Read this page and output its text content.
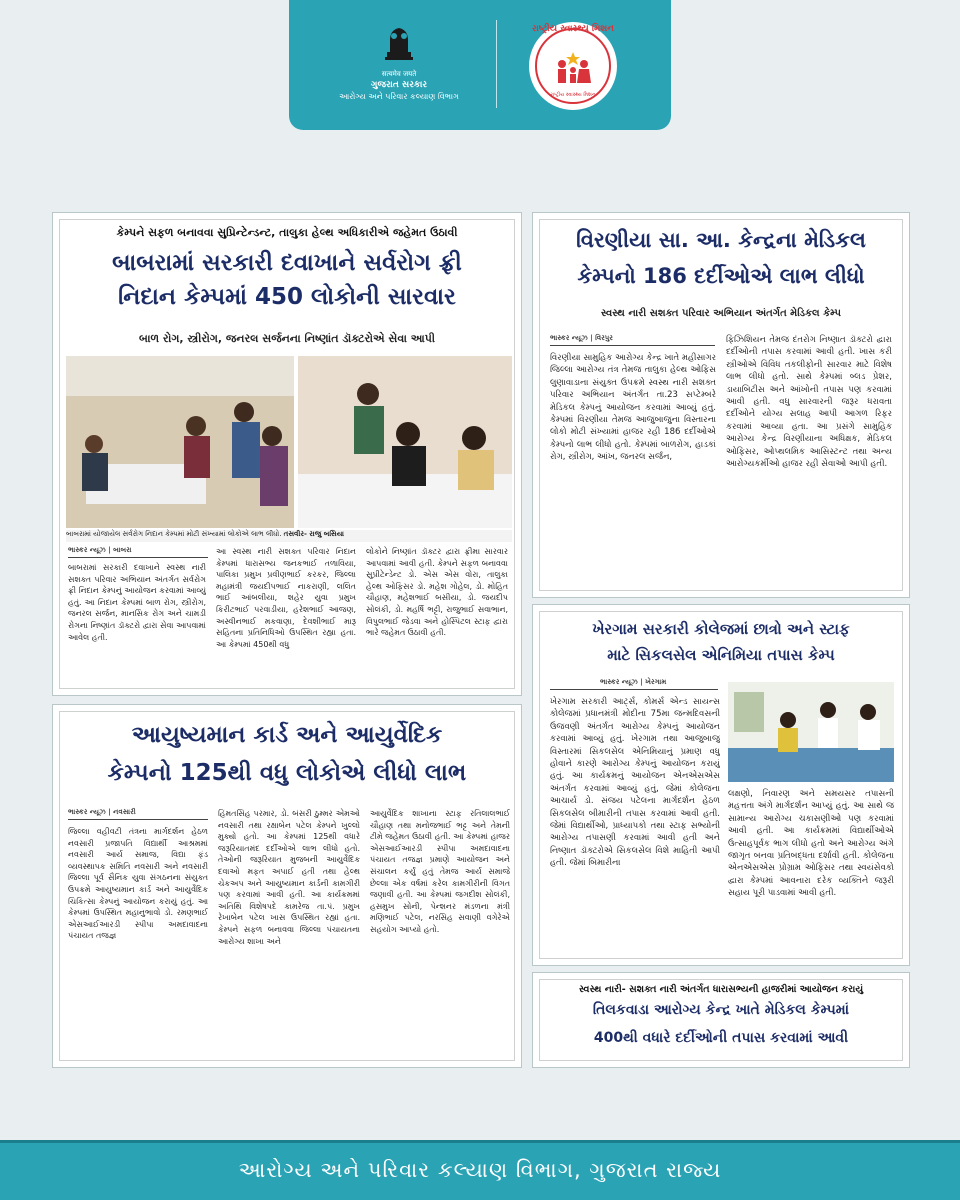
सत्यमेव जयते
ગુજરાત સરકાર
આરોગ્ય અને પરિવાર કલ્યાણ વિભાગ
રાષ્ટ્રીય સ્વાસ્થ્ય મિશન
રાષ્ટ્રીય સ્વાસ્થ્ય મિશન
કેમ્પને સફળ બનાવવા સુપ્રિન્ટેન્ડન્ટ, તાલુકા હેલ્થ અધિકારીએ જહેમત ઉઠાવી
બાબરામાં સરકારી દવાખાને સર્વરોગ ફ્રી
નિદાન કેમ્પમાં 450 લોકોની સારવાર
બાળ રોગ, સ્ત્રીરોગ, જનરલ સર્જનના નિષ્ણાંત ડૉક્ટરોએ સેવા આપી
બાબરામાં યોજાયેલ સર્વરોગ નિદાન કેમ્પમાં મોટી સંખ્યામાં લોકોએ લાભ લીધો. તસવીર- રાજુ બસિયા
ભાસ્કર ન્યૂઝ | બાબરા
બાબરામાં સરકારી દવાખાને સ્વસ્થ નારી સશક્ત પરિવાર અભિયાન અંતર્ગત સર્વરોગ ફ્રી નિદાન કેમ્પનું આયોજન કરવામાં આવ્યું હતું. આ નિદાન કેમ્પમાં બાળ રોગ, સ્ત્રીરોગ, જનરલ સર્જન, માનસિક રોગ અને ચામડી રોગના નિષ્ણાંત ડૉક્ટરો દ્વારા સેવા આપવામાં આવેલ હતી.
આ સ્વસ્થ નારી સશક્ત પરિવાર નિદાન કેમ્પમાં ધારાસભ્ય જનકભાઈ તળાવિયા, પાલિકા પ્રમુખ પ્રવીણભાઈ કરકર, જિલ્લા મહામંત્રી જયદીપભાઈ નાકરાણી, લલિત ભાઈ આંબલીયા, શહેર યુવા પ્રમુખ કિરીટભાઈ પરવાડીયા, હરેશભાઈ આજણ, અસ્વીનભાઈ મકવાણા, દેવશીભાઈ મારૂ સહિતના પ્રતિનિધિઓ ઉપસ્થિત રહ્યા હતા. આ કેમ્પમાં 450થી વધુ
લોકોને નિષ્ણાંત ડૉક્ટર દ્વારા ફ્રીમા સારવાર આપવામાં આવી હતી. કેમ્પને સફળ બનાવવા સુપ્રીટેન્ડેન્ટ ડો. એસ એસ વોરા, તાલુકા હેલ્થ ઓફિસર ડો. મહેશ ગોહેલ, ડો. મોહિત ચૌહાણ, મહેશભાઈ બસીયા, ડો. જયદીપ સોલંકી, ડો. મહર્ષિ ભટ્ટી, રાજુભાઈ સવાભાન, વિપુલભાઈ જેડવા અને હોસ્પિટલ સ્ટાફ દ્વારા ભારે જહેમત ઉઠાવી હતી.
વિરણીયા સા. આ. કેન્દ્રના મેડિકલ
કેમ્પનો 186 દર્દીઓએ લાભ લીધો
સ્વસ્થ નારી સશક્ત પરિવાર અભિયાન અંતર્ગત મેડિકલ કેમ્પ
ભાસ્કર ન્યૂઝ | વિરપુર
વિરણીયા સામુહિક આરોગ્ય કેન્દ્ર ખાતે મહીસાગર જિલ્લા આરોગ્ય તંત્ર તેમજ તાલુકા હેલ્થ ઓફિસ લુણાવાડાના સંયુક્ત ઉપક્રમે સ્વસ્થ નારી સશક્ત પરિવાર અભિયાન અંતર્ગત તા.23 સપ્ટેમ્બરે મેડિકલ કેમ્પનું આયોજન કરવામાં આવ્યું હતું. કેમ્પમાં વિરણીયા તેમજ આજુબાજુના વિસ્તારના લોકો મોટી સંખ્યામાં હાજર રહી 186 દર્દીઓએ કેમ્પનો લાભ લીધો હતો. કેમ્પમાં બાળરોગ, હાડકાં રોગ, સ્ત્રીરોગ, આંખ, જનરલ સર્જન,
ફિઝિશિયન તેમજ દંતરોગ નિષ્ણાત ડૉક્ટરો દ્વારા દર્દીઓની તપાસ કરવામાં આવી હતી. ખાસ કરી સ્ત્રીઓએ વિવિધ તકલીફોની સારવાર માટે વિશેષ લાભ લીધો હતો. સાથે કેમ્પમાં બ્લડ પ્રેશર, ડાયાબિટીસ અને આંખોની તપાસ પણ કરવામાં આવી હતી. વધુ સારવારની જરૂર ધરાવતા દર્દીઓને યોગ્ય સલાહ આપી આગળ રિફર કરવામાં આવ્યા હતા. આ પ્રસંગે સામુહિક આરોગ્ય કેન્દ્ર વિરણીયાના અધિક્ષક, મેડિકલ ઓફિસર, ઓપ્થલમિક આસિસ્ટન્ટ તથા અન્ય આરોગ્યકર્મીઓ હાજર રહી સેવાઓ આપી હતી.
આયુષ્યમાન કાર્ડ અને આયુર્વેદિક
કેમ્પનો 125થી વધુ લોકોએ લીધો લાભ
ભાસ્કર ન્યૂઝ | નવસારી
જિલ્લા વહીવટી તંત્રના માર્ગદર્શન હેઠળ નવસારી પ્રજાપતિ વિદ્યાર્થી આશ્રમમાં નવસારી આર્ય સમાજ, વિદ્યા ફંડ વ્યવસ્થાપક સમિતિ નવસારી અને નવસારી જિલ્લા પૂર્વ સૈનિક યુવા સંગઠનના સંયુક્ત ઉપક્રમે આયુષ્યમાન કાર્ડ અને આયુર્વેદિક ચિકિત્સા કેમ્પનું આયોજન કરાયું હતું. આ કેમ્પમાં ઉપસ્થિત મહાનુભાવો ડો. રમણભાઈ એસઆઈઆરડી સ્પીપા અમદાવાદના પંચાયત તજજ્ઞ
હિંમતસિંહ પરમાર, ડો. બંસરી ઠુમ્મર એમઓ નવસારી તથા રક્ષાબેન પટેલ કેમ્પને ખુલ્લો મુક્યો હતો. આ કેમ્પમાં 125થી વધારે જરૂરિયાતમંદ દર્દીઓએ લાભ લીધો હતો. તેઓની જરૂરિયાત મુજબની આયુર્વેદિક દવાઓ મફત અપાઈ હતી તથા હેલ્થ ચેકઅપ અને આયુષ્યમાન કાર્ડની કામગીરી પણ કરવામાં આવી હતી. આ કાર્યક્રમમાં અતિથિ વિશેષપદે કામરેજ તા.પં. પ્રમુખ રેખાબેન પટેલ ખાસ ઉપસ્થિત રહ્યાં હતા. કેમ્પને સફળ બનાવવા જિલ્લા પંચાયતના આરોગ્ય શાખા અને
આયુર્વેદિક શાખાના સ્ટાફ રતિલાલભાઈ ચૌહાણ તથા મનોજભાઈ ભટ્ટ અને તેમની ટીમે જહેમત ઉઠાવી હતી. આ કેમ્પમાં હાજર એસઆઈઆરડી સ્પીપા અમદાવાદના પંચાયત તજજ્ઞ પ્રમાણે આયોજન અને સંચાલન કર્યું હતું તેમજ આર્ય સમાજે છેલ્લા એક વર્ષમાં કરેલ કામગીરીની વિગત જણાવી હતી. આ કેમ્પમાં જગદીશ સોલંકી, હસમુખ સોની, પેન્શનર મંડળના મંત્રી મણિભાઈ પટેલ, નરસિંહ સવાણી વગેરેએ સહયોગ આપ્યો હતો.
ખેરગામ સરકારી કોલેજમાં છાત્રો અને સ્ટાફ
માટે સિકલસેલ એનિમિયા તપાસ કેમ્પ
ભાસ્કર ન્યૂઝ | ખેરગામ
ખેરગામ સરકારી આર્ટ્સ, કોમર્સ એન્ડ સાયન્સ કોલેજમાં પ્રધાનમંત્રી મોદીના 75મા જન્મદિવસની ઉજવણી અંતર્ગત આરોગ્ય કેમ્પનું આયોજન કરવામાં આવ્યું હતું. ખેરગામ તથા આજુબાજુ વિસ્તારમાં સિકલસેલ એનિમિયાનું પ્રમાણ વધુ હોવાને કારણે આરોગ્ય કેમ્પનું આયોજન કરાયું હતું. આ કાર્યક્રમનું આયોજન એનએસએસ અંતર્ગત કરવામાં આવ્યું હતું, જેમાં કોલેજના આચાર્ય ડો. સંજય પટેલના માર્ગદર્શન હેઠળ સિકલસેલ બીમારીની તપાસ કરવામાં આવી હતી. જેમાં વિદ્યાર્થીઓ, પ્રાધ્યાપકો તથા સ્ટાફ સભ્યોની આરોગ્ય તપાસણી કરવામાં આવી હતી અને નિષ્ણાત ડૉક્ટરોએ સિકલસેલ વિશે માહિતી આપી હતી. જેમાં બિમારીના
લક્ષણો, નિવારણ અને સમયસર તપાસની મહત્તતા અંગે માર્ગદર્શન આપ્યું હતું. આ સાથે જ સામાન્ય આરોગ્ય ચકાસણીઓ પણ કરવામાં આવી હતી. આ કાર્યક્રમમાં વિદ્યાર્થીઓએ ઉત્સાહપૂર્વક ભાગ લીધો હતો અને આરોગ્ય અંગે જાગૃત બનવા પ્રતિબદ્ધતા દર્શાવી હતી. કોલેજના એનએસએસ પ્રોગ્રામ ઓફિસર તથા સ્વયંસેવકો દ્વારા કેમ્પમાં આવનારા દરેક વ્યક્તિને જરૂરી સહાય પૂરી પાડવામાં આવી હતી.
સ્વસ્થ નારી- સશક્ત નારી અંતર્ગત ધારાસભ્યની હાજરીમાં આયોજન કરાયું
તિલકવાડા આરોગ્ય કેન્દ્ર ખાતે મેડિકલ કેમ્પમાં
400થી વધારે દર્દીઓની તપાસ કરવામાં આવી
આરોગ્ય અને પરિવાર કલ્યાણ વિભાગ, ગુજરાત રાજ્ય
